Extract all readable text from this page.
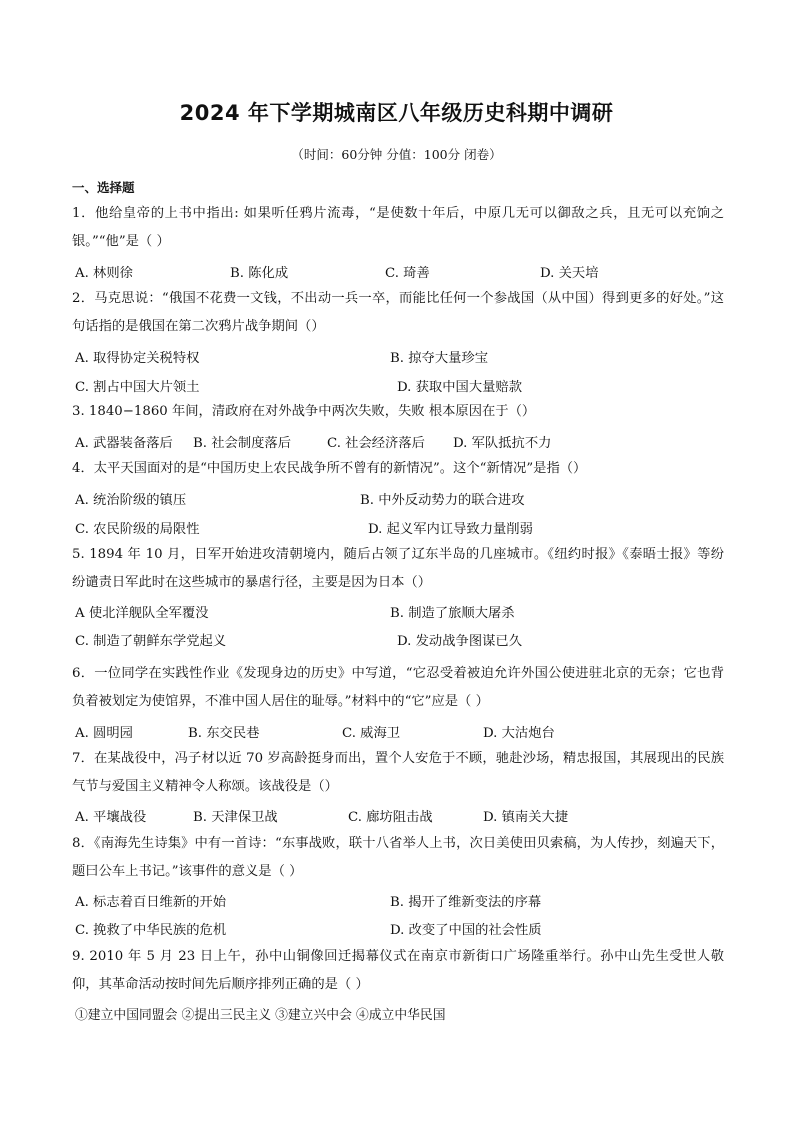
2024 年下学期城南区八年级历史科期中调研
（时间：60分钟 分值：100分 闭卷）
一、选择题
1．他给皇帝的上书中指出: 如果听任鸦片流毒，“是使数十年后，中原几无可以御敌之兵，且无可以充饷之银。”“他”是（ ）
A. 林则徐	B. 陈化成	C. 琦善	D. 关天培
2．马克思说：“俄国不花费一文钱，不出动一兵一卒，而能比任何一个参战国（从中国）得到更多的好处。”这句话指的是俄国在第二次鸦片战争期间（）
A. 取得协定关税特权	B. 掠夺大量珍宝
C. 割占中国大片领土	D. 获取中国大量赔款
3. 1840−1860 年间，清政府在对外战争中两次失败，失败 根本原因在于（）
A. 武器装备落后 B. 社会制度落后	C. 社会经济落后 D. 军队抵抗不力
4．太平天国面对的是“中国历史上农民战争所不曾有的新情况”。这个“新情况”是指（）
A. 统治阶级的镇压	B. 中外反动势力的联合进攻
C. 农民阶级的局限性	D. 起义军内讧导致力量削弱
5. 1894 年 10 月，日军开始进攻清朝境内，随后占领了辽东半岛的几座城市。《纽约时报》《泰晤士报》等纷纷谴责日军此时在这些城市的暴虐行径，主要是因为日本（）
A 使北洋舰队全军覆没	B. 制造了旅顺大屠杀
C. 制造了朝鲜东学党起义	D. 发动战争图谋已久
6．一位同学在实践性作业《发现身边的历史》中写道，“它忍受着被迫允许外国公使进驻北京的无奈；它也背负着被划定为使馆界，不准中国人居住的耻辱。”材料中的“它”应是（ ）
A. 圆明园	B. 东交民巷	C. 威海卫	D. 大沽炮台
7．在某战役中，冯子材以近 70 岁高龄挺身而出，置个人安危于不顾，驰赴沙场，精忠报国，其展现出的民族气节与爱国主义精神令人称颂。该战役是（）
A. 平壤战役	B. 天津保卫战	C. 廊坊阻击战	D. 镇南关大捷
8．《南海先生诗集》中有一首诗：“东事战败，联十八省举人上书，次日美使田贝索稿，为人传抄，刻遍天下，题曰公车上书记。”该事件的意义是（ ）
A. 标志着百日维新的开始	B. 揭开了维新变法的序幕
C. 挽救了中华民族的危机	D. 改变了中国的社会性质
9. 2010 年 5 月 23 日上午，孙中山铜像回迁揭幕仪式在南京市新街口广场隆重举行。孙中山先生受世人敬仰，其革命活动按时间先后顺序排列正确的是（ ）
①建立中国同盟会 ②提出三民主义 ③建立兴中会 ④成立中华民国
